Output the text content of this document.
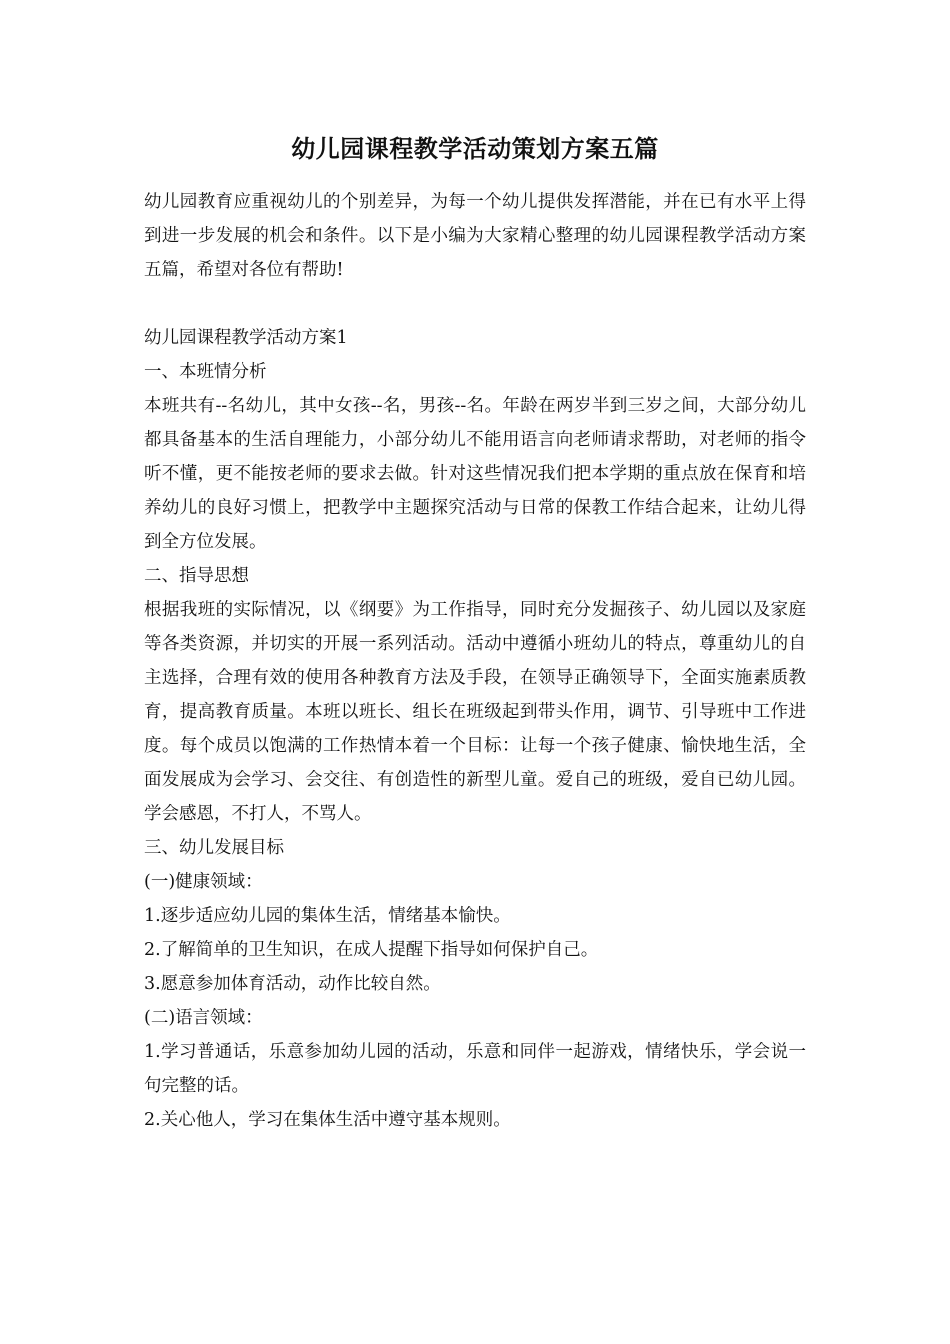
幼儿园课程教学活动策划方案五篇

幼儿园教育应重视幼儿的个别差异，为每一个幼儿提供发挥潜能，并在已有水平上得到进一步发展的机会和条件。以下是小编为大家精心整理的幼儿园课程教学活动方案五篇，希望对各位有帮助!

幼儿园课程教学活动方案1

一、本班情分析

本班共有--名幼儿，其中女孩--名，男孩--名。年龄在两岁半到三岁之间，大部分幼儿都具备基本的生活自理能力，小部分幼儿不能用语言向老师请求帮助，对老师的指令听不懂，更不能按老师的要求去做。针对这些情况我们把本学期的重点放在保育和培养幼儿的良好习惯上，把教学中主题探究活动与日常的保教工作结合起来，让幼儿得到全方位发展。

二、指导思想

根据我班的实际情况，以《纲要》为工作指导，同时充分发掘孩子、幼儿园以及家庭等各类资源，并切实的开展一系列活动。活动中遵循小班幼儿的特点，尊重幼儿的自主选择，合理有效的使用各种教育方法及手段，在领导正确领导下，全面实施素质教育，提高教育质量。本班以班长、组长在班级起到带头作用，调节、引导班中工作进度。每个成员以饱满的工作热情本着一个目标：让每一个孩子健康、愉快地生活，全面发展成为会学习、会交往、有创造性的新型儿童。爱自己的班级，爱自已幼儿园。学会感恩，不打人，不骂人。

三、幼儿发展目标

(一)健康领域：

1.逐步适应幼儿园的集体生活，情绪基本愉快。

2.了解简单的卫生知识，在成人提醒下指导如何保护自己。

3.愿意参加体育活动，动作比较自然。

(二)语言领域：

1.学习普通话，乐意参加幼儿园的活动，乐意和同伴一起游戏，情绪快乐，学会说一句完整的话。

2.关心他人，学习在集体生活中遵守基本规则。
